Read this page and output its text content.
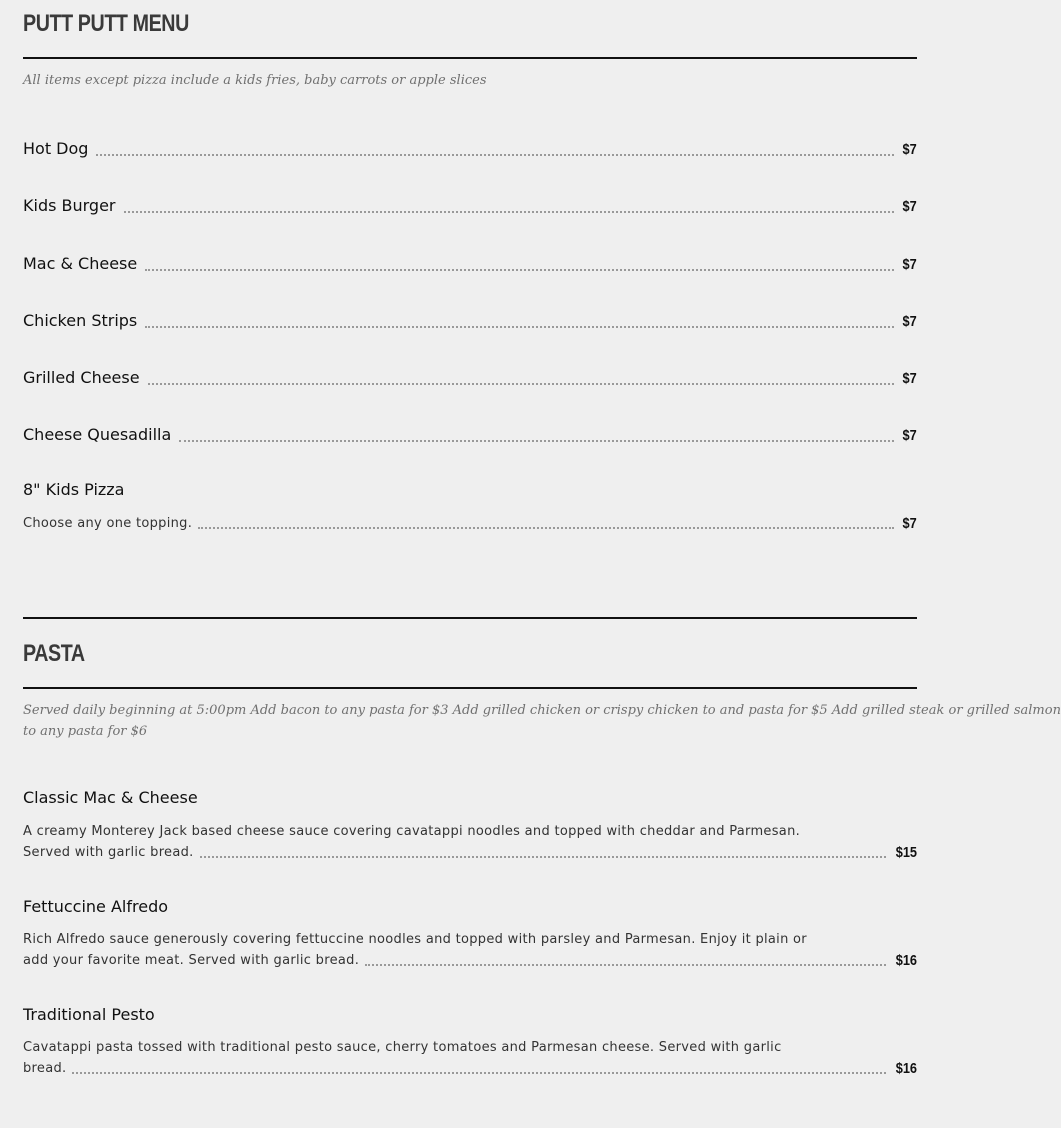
PUTT PUTT MENU

All items except pizza include a kids fries, baby carrots or apple slices

Hot Dog	$7
Kids Burger	$7
Mac & Cheese	$7
Chicken Strips	$7
Grilled Cheese	$7
Cheese Quesadilla	$7
8" Kids Pizza
Choose any one topping.	$7
PASTA
Served daily beginning at 5:00pm Add bacon to any pasta for $3 Add grilled chicken or crispy chicken to and pasta for $5 Add grilled steak or grilled salmon
to any pasta for $6
Classic Mac & Cheese
A creamy Monterey Jack based cheese sauce covering cavatappi noodles and topped with cheddar and Parmesan.
Served with garlic bread.	$15
Fettuccine Alfredo
Rich Alfredo sauce generously covering fettuccine noodles and topped with parsley and Parmesan. Enjoy it plain or
add your favorite meat. Served with garlic bread.	$16
Traditional Pesto
Cavatappi pasta tossed with traditional pesto sauce, cherry tomatoes and Parmesan cheese. Served with garlic
bread.	$16
